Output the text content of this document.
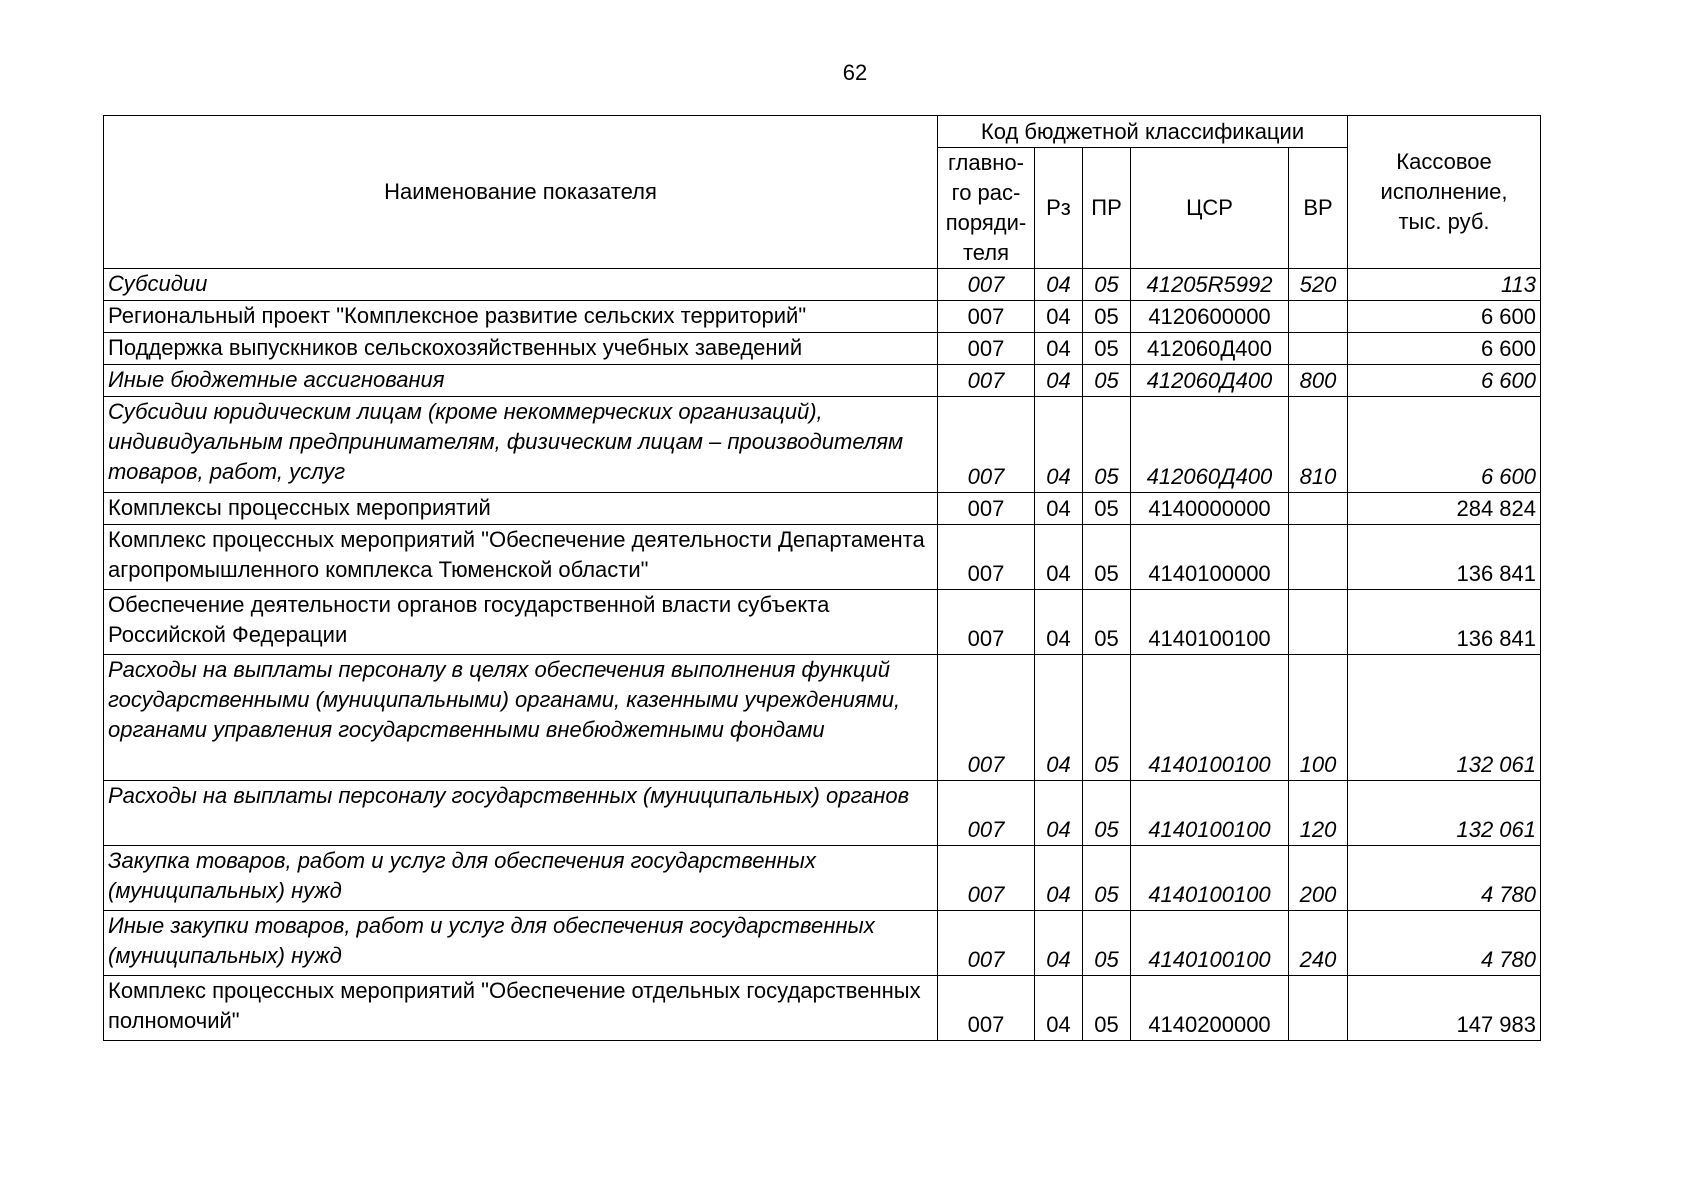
62
Наименование показателя	Код бюджетной классификации					Кассовое исполнение, тыс. руб.
	главно-го рас-поряди-теля	Рз	ПР	ЦСР	ВР	
Субсидии	007	04	05	41205R5992	520	113
Региональный проект "Комплексное развитие сельских территорий"	007	04	05	4120600000		6 600
Поддержка выпускников сельскохозяйственных учебных заведений	007	04	05	412060Д400		6 600
Иные бюджетные ассигнования	007	04	05	412060Д400	800	6 600
Субсидии юридическим лицам (кроме некоммерческих организаций), индивидуальным предпринимателям, физическим лицам – производителям товаров, работ, услуг	007	04	05	412060Д400	810	6 600
Комплексы процессных мероприятий	007	04	05	4140000000		284 824
Комплекс процессных мероприятий "Обеспечение деятельности Департамента агропромышленного комплекса Тюменской области"	007	04	05	4140100000		136 841
Обеспечение деятельности органов государственной власти субъекта Российской Федерации	007	04	05	4140100100		136 841
Расходы на выплаты персоналу в целях обеспечения выполнения функций государственными (муниципальными) органами, казенными учреждениями, органами управления государственными внебюджетными фондами	007	04	05	4140100100	100	132 061
Расходы на выплаты персоналу государственных (муниципальных) органов	007	04	05	4140100100	120	132 061
Закупка товаров, работ и услуг для обеспечения государственных (муниципальных) нужд	007	04	05	4140100100	200	4 780
Иные закупки товаров, работ и услуг для обеспечения государственных (муниципальных) нужд	007	04	05	4140100100	240	4 780
Комплекс процессных мероприятий "Обеспечение отдельных государственных полномочий"	007	04	05	4140200000		147 983
